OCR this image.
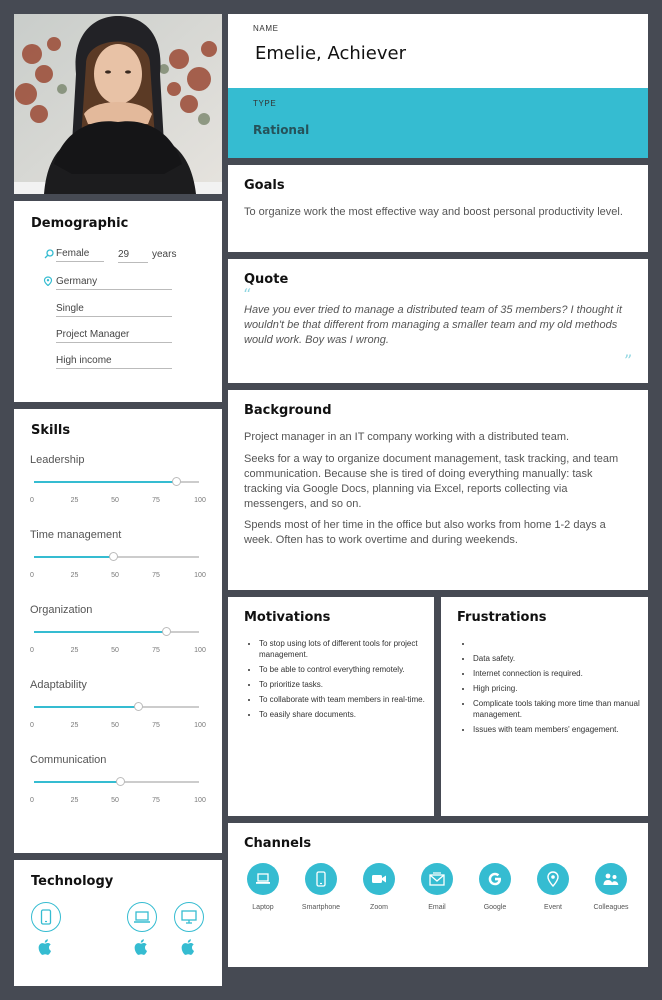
NAME
Emelie, Achiever
TYPE
Rational
Demographic
Female	29	years
Germany
Single
Project Manager
High income
Skills
Leadership
0	25	50	75	100
Time management
0	25	50	75	100
Organization
0	25	50	75	100
Adaptability
0	25	50	75	100
Communication
0	25	50	75	100
Technology
Goals
To organize work the most effective way and boost personal productivity level.
Quote
“
Have you ever tried to manage a distributed team of 35 members? I thought it wouldn't be that different from managing a smaller team and my old methods would work. Boy was I wrong.
”
Background
Project manager in an IT company working with a distributed team.
Seeks for a way to organize document management, task tracking, and team communication. Because she is tired of doing everything manually: task tracking via Google Docs, planning via Excel, reports collecting via messengers, and so on.
Spends most of her time in the office but also works from home 1-2 days a week. Often has to work overtime and during weekends.
Motivations
• To stop using lots of different tools for project management.
• To be able to control everything remotely.
• To prioritize tasks.
• To collaborate with team members in real-time.
• To easily share documents.
Frustrations
•
• Data safety.
• Internet connection is required.
• High pricing.
• Complicate tools taking more time than manual management.
• Issues with team members' engagement.
Channels
Laptop	Smartphone	Zoom	Email	Google	Event	Colleagues
